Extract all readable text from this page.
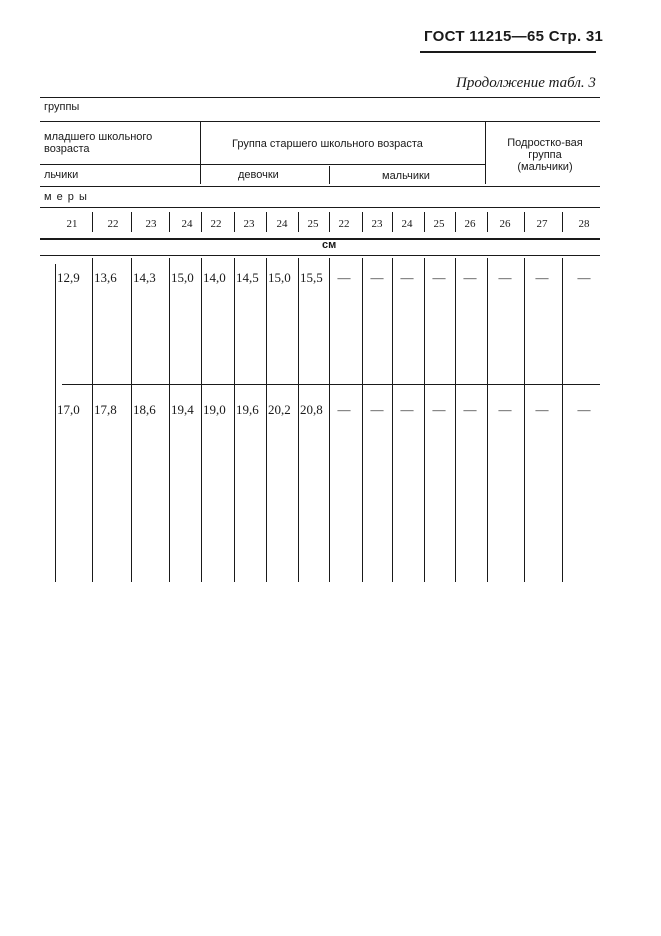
ГОСТ 11215—65 Стр. 31
Продолжение табл. 3
группы
младшего школьного возраста	Группа старшего школьного возраста	Подростко-вая группа (мальчики)
льчики	девочки	мальчики
м е р ы
21	22	23	24	22	23	24	25	22	23	24	25	26	26	27	28
см
12,9 13,6 14,3 15,0 14,0 14,5 15,0 15,5 — — — — — — — —
17,0 17,8 18,6 19,4 19,0 19,6 20,2 20,8 — — — — — — — —
